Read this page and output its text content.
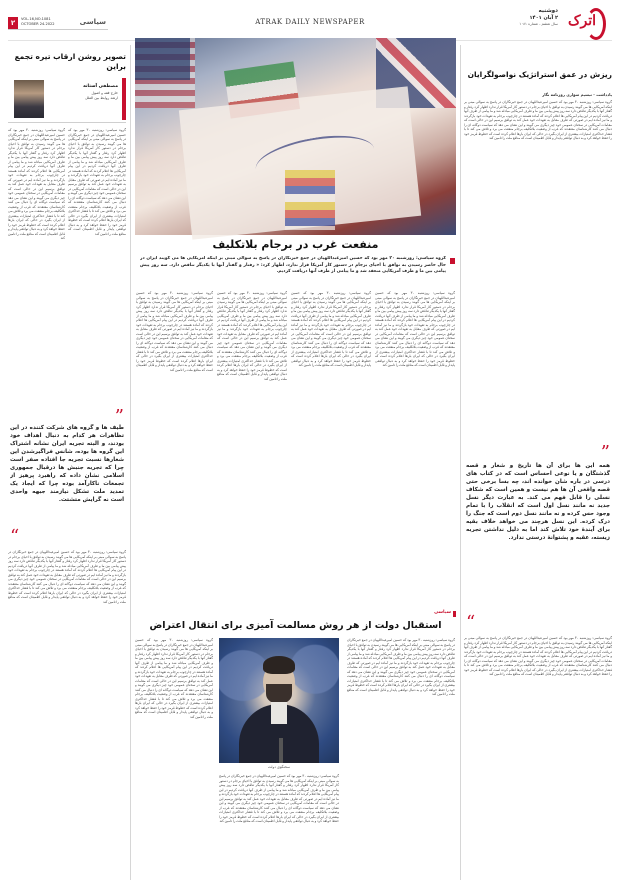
اترک
دوشنبه
۲ آبان ۱۴۰۱
سال ششم - شماره ۱۰۸۱
ATRAK DAILY NEWSPAPER
۲	VOL.16,NO.1081
OCTOBER 24.2022	سیاسی
تصویر روشن ارقاب تیره تجمع براین
مصطفی آستانه
خارج فقه و اصول
ارشد روابط بین الملل
گروه سیاسی: روزشنبه ۳۰ مهر بود که حسین امیرعبداللهیان در جمع خبرنگاران در پاسخ به سوالی مبنی بر اینکه آمریکایی ها می گویند رسیدن به توافق با احیای برجام در دستور کار آمریکا قرار ندارد اظهار کرد رفتار و گفتار آنها با یکدیگر تناقض دارد سه روز پیش پیامی بین ما و طرف آمریکایی مبادله شد و ما پیامی از طرف آنها دریافت کردیم در این پیام آمریکایی ها اعلام کردند که آماده هستند در چارچوب برجام به تعهدات خود بازگردند و ما نیز آماده ایم در صورتی که طرف مقابل به تعهدات خود عمل کند به توافق برسیم این در حالی است که مقامات آمریکایی در سخنان عمومی خود چیز دیگری می گویند و این نشان می دهد که سیاست دوگانه ای را دنبال می کنند کارشناسان معتقدند که غرب از وضعیت بلاتکلیف برجام منفعت می برد و تلاش می کند تا با فشار حداکثری امتیازات بیشتری از ایران بگیرد در حالی که ایران بارها اعلام کرده است که خطوط قرمز خود را حفظ خواهد کرد و به دنبال توافقی پایدار و قابل اطمینان است که منافع ملت را تامین کند
گروه سیاسی: روزشنبه ۳۰ مهر بود که حسین امیرعبداللهیان در جمع خبرنگاران در پاسخ به سوالی مبنی بر اینکه آمریکایی ها می گویند رسیدن به توافق با احیای برجام در دستور کار آمریکا قرار ندارد اظهار کرد رفتار و گفتار آنها با یکدیگر تناقض دارد سه روز پیش پیامی بین ما و طرف آمریکایی مبادله شد و ما پیامی از طرف آنها دریافت کردیم در این پیام آمریکایی ها اعلام کردند که آماده هستند در چارچوب برجام به تعهدات خود بازگردند و ما نیز آماده ایم در صورتی که طرف مقابل به تعهدات خود عمل کند به توافق برسیم این در حالی است که مقامات آمریکایی در سخنان عمومی خود چیز دیگری می گویند و این نشان می دهد که سیاست دوگانه ای را دنبال می کنند کارشناسان معتقدند که غرب از وضعیت بلاتکلیف برجام منفعت می برد و تلاش می کند تا با فشار حداکثری امتیازات بیشتری از ایران بگیرد در حالی که ایران بارها اعلام کرده است که خطوط قرمز خود را حفظ خواهد کرد و به دنبال توافقی پایدار و قابل اطمینان است که منافع ملت را تامین کند
”
طیف ها و گروه های شرکت کننده در این تظاهرات هر کدام به دنبال اهداف خود بودند، و البته تجربه ایران نشانه اشتراک این گروه ها بوده، شانس فراگیرشدن این شعارها نسبت تجربه جا افتاده صفر است چرا که تجربه جنبش ها درقبال جمهوری اسلامی نشان داده که راهبرد پرهیز از تجمعات ناکارآمد بوده چرا که ایجاد یک تمدید ملت تشکل نیازمند جبهه واحدی است نه گرایش متشتت.
“
گروه سیاسی: روزشنبه ۳۰ مهر بود که حسین امیرعبداللهیان در جمع خبرنگاران در پاسخ به سوالی مبنی بر اینکه آمریکایی ها می گویند رسیدن به توافق با احیای برجام در دستور کار آمریکا قرار ندارد اظهار کرد رفتار و گفتار آنها با یکدیگر تناقض دارد سه روز پیش پیامی بین ما و طرف آمریکایی مبادله شد و ما پیامی از طرف آنها دریافت کردیم در این پیام آمریکایی ها اعلام کردند که آماده هستند در چارچوب برجام به تعهدات خود بازگردند و ما نیز آماده ایم در صورتی که طرف مقابل به تعهدات خود عمل کند به توافق برسیم این در حالی است که مقامات آمریکایی در سخنان عمومی خود چیز دیگری می گویند و این نشان می دهد که سیاست دوگانه ای را دنبال می کنند کارشناسان معتقدند که غرب از وضعیت بلاتکلیف برجام منفعت می برد و تلاش می کند تا با فشار حداکثری امتیازات بیشتری از ایران بگیرد در حالی که ایران بارها اعلام کرده است که خطوط قرمز خود را حفظ خواهد کرد و به دنبال توافقی پایدار و قابل اطمینان است که منافع ملت را تامین کند
منفعت غرب در برجام بلاتکلیف
گروه سیاسی: روزشنبه ۳۰ مهر بود که حسین امیرعبداللهیان در جمع خبرنگاران در پاسخ به سوالی مبنی بر اینکه آمریکایی ها می گویند ایران در حال حاضر رسیدن به توافق با احیای برجام در دستور کار آمریکا قرار ندارد، اظهار کرد: « رفتار و گفتار آنها با یکدیگر تناقض دارد. سه روز پیش پیامی بین ما و طرف آمریکایی منعقد شد و ما پیامی از طرف آنها دریافت کردیم.
گروه سیاسی: روزشنبه ۳۰ مهر بود که حسین امیرعبداللهیان در جمع خبرنگاران در پاسخ به سوالی مبنی بر اینکه آمریکایی ها می گویند رسیدن به توافق با احیای برجام در دستور کار آمریکا قرار ندارد اظهار کرد رفتار و گفتار آنها با یکدیگر تناقض دارد سه روز پیش پیامی بین ما و طرف آمریکایی مبادله شد و ما پیامی از طرف آنها دریافت کردیم در این پیام آمریکایی ها اعلام کردند که آماده هستند در چارچوب برجام به تعهدات خود بازگردند و ما نیز آماده ایم در صورتی که طرف مقابل به تعهدات خود عمل کند به توافق برسیم این در حالی است که مقامات آمریکایی در سخنان عمومی خود چیز دیگری می گویند و این نشان می دهد که سیاست دوگانه ای را دنبال می کنند کارشناسان معتقدند که غرب از وضعیت بلاتکلیف برجام منفعت می برد و تلاش می کند تا با فشار حداکثری امتیازات بیشتری از ایران بگیرد در حالی که ایران بارها اعلام کرده است که خطوط قرمز خود را حفظ خواهد کرد و به دنبال توافقی پایدار و قابل اطمینان است که منافع ملت را تامین کند
گروه سیاسی: روزشنبه ۳۰ مهر بود که حسین امیرعبداللهیان در جمع خبرنگاران در پاسخ به سوالی مبنی بر اینکه آمریکایی ها می گویند رسیدن به توافق با احیای برجام در دستور کار آمریکا قرار ندارد اظهار کرد رفتار و گفتار آنها با یکدیگر تناقض دارد سه روز پیش پیامی بین ما و طرف آمریکایی مبادله شد و ما پیامی از طرف آنها دریافت کردیم در این پیام آمریکایی ها اعلام کردند که آماده هستند در چارچوب برجام به تعهدات خود بازگردند و ما نیز آماده ایم در صورتی که طرف مقابل به تعهدات خود عمل کند به توافق برسیم این در حالی است که مقامات آمریکایی در سخنان عمومی خود چیز دیگری می گویند و این نشان می دهد که سیاست دوگانه ای را دنبال می کنند کارشناسان معتقدند که غرب از وضعیت بلاتکلیف برجام منفعت می برد و تلاش می کند تا با فشار حداکثری امتیازات بیشتری از ایران بگیرد در حالی که ایران بارها اعلام کرده است که خطوط قرمز خود را حفظ خواهد کرد و به دنبال توافقی پایدار و قابل اطمینان است که منافع ملت را تامین کند
گروه سیاسی: روزشنبه ۳۰ مهر بود که حسین امیرعبداللهیان در جمع خبرنگاران در پاسخ به سوالی مبنی بر اینکه آمریکایی ها می گویند رسیدن به توافق با احیای برجام در دستور کار آمریکا قرار ندارد اظهار کرد رفتار و گفتار آنها با یکدیگر تناقض دارد سه روز پیش پیامی بین ما و طرف آمریکایی مبادله شد و ما پیامی از طرف آنها دریافت کردیم در این پیام آمریکایی ها اعلام کردند که آماده هستند در چارچوب برجام به تعهدات خود بازگردند و ما نیز آماده ایم در صورتی که طرف مقابل به تعهدات خود عمل کند به توافق برسیم این در حالی است که مقامات آمریکایی در سخنان عمومی خود چیز دیگری می گویند و این نشان می دهد که سیاست دوگانه ای را دنبال می کنند کارشناسان معتقدند که غرب از وضعیت بلاتکلیف برجام منفعت می برد و تلاش می کند تا با فشار حداکثری امتیازات بیشتری از ایران بگیرد در حالی که ایران بارها اعلام کرده است که خطوط قرمز خود را حفظ خواهد کرد و به دنبال توافقی پایدار و قابل اطمینان است که منافع ملت را تامین کند
گروه سیاسی: روزشنبه ۳۰ مهر بود که حسین امیرعبداللهیان در جمع خبرنگاران در پاسخ به سوالی مبنی بر اینکه آمریکایی ها می گویند رسیدن به توافق با احیای برجام در دستور کار آمریکا قرار ندارد اظهار کرد رفتار و گفتار آنها با یکدیگر تناقض دارد سه روز پیش پیامی بین ما و طرف آمریکایی مبادله شد و ما پیامی از طرف آنها دریافت کردیم در این پیام آمریکایی ها اعلام کردند که آماده هستند در چارچوب برجام به تعهدات خود بازگردند و ما نیز آماده ایم در صورتی که طرف مقابل به تعهدات خود عمل کند به توافق برسیم این در حالی است که مقامات آمریکایی در سخنان عمومی خود چیز دیگری می گویند و این نشان می دهد که سیاست دوگانه ای را دنبال می کنند کارشناسان معتقدند که غرب از وضعیت بلاتکلیف برجام منفعت می برد و تلاش می کند تا با فشار حداکثری امتیازات بیشتری از ایران بگیرد در حالی که ایران بارها اعلام کرده است که خطوط قرمز خود را حفظ خواهد کرد و به دنبال توافقی پایدار و قابل اطمینان است که منافع ملت را تامین کند
سیاسی
استقبال دولت از هر روش مسالمت آمیزی برای انتقال اعتراض
سخنگوی دولت
گروه سیاسی: روزشنبه ۳۰ مهر بود که حسین امیرعبداللهیان در جمع خبرنگاران در پاسخ به سوالی مبنی بر اینکه آمریکایی ها می گویند رسیدن به توافق با احیای برجام در دستور کار آمریکا قرار ندارد اظهار کرد رفتار و گفتار آنها با یکدیگر تناقض دارد سه روز پیش پیامی بین ما و طرف آمریکایی مبادله شد و ما پیامی از طرف آنها دریافت کردیم در این پیام آمریکایی ها اعلام کردند که آماده هستند در چارچوب برجام به تعهدات خود بازگردند و ما نیز آماده ایم در صورتی که طرف مقابل به تعهدات خود عمل کند به توافق برسیم این در حالی است که مقامات آمریکایی در سخنان عمومی خود چیز دیگری می گویند و این نشان می دهد که سیاست دوگانه ای را دنبال می کنند کارشناسان معتقدند که غرب از وضعیت بلاتکلیف برجام منفعت می برد و تلاش می کند تا با فشار حداکثری امتیازات بیشتری از ایران بگیرد در حالی که ایران بارها اعلام کرده است که خطوط قرمز خود را حفظ خواهد کرد و به دنبال توافقی پایدار و قابل اطمینان است که منافع ملت را تامین کند
گروه سیاسی: روزشنبه ۳۰ مهر بود که حسین امیرعبداللهیان در جمع خبرنگاران در پاسخ به سوالی مبنی بر اینکه آمریکایی ها می گویند رسیدن به توافق با احیای برجام در دستور کار آمریکا قرار ندارد اظهار کرد رفتار و گفتار آنها با یکدیگر تناقض دارد سه روز پیش پیامی بین ما و طرف آمریکایی مبادله شد و ما پیامی از طرف آنها دریافت کردیم در این پیام آمریکایی ها اعلام کردند که آماده هستند در چارچوب برجام به تعهدات خود بازگردند و ما نیز آماده ایم در صورتی که طرف مقابل به تعهدات خود عمل کند به توافق برسیم این در حالی است که مقامات آمریکایی در سخنان عمومی خود چیز دیگری می گویند و این نشان می دهد که سیاست دوگانه ای را دنبال می کنند کارشناسان معتقدند که غرب از وضعیت بلاتکلیف برجام منفعت می برد و تلاش می کند تا با فشار حداکثری امتیازات بیشتری از ایران بگیرد در حالی که ایران بارها اعلام کرده است که خطوط قرمز خود را حفظ خواهد کرد و به دنبال توافقی پایدار و قابل اطمینان است که منافع ملت را تامین کند
گروه سیاسی: روزشنبه ۳۰ مهر بود که حسین امیرعبداللهیان در جمع خبرنگاران در پاسخ به سوالی مبنی بر اینکه آمریکایی ها می گویند رسیدن به توافق با احیای برجام در دستور کار آمریکا قرار ندارد اظهار کرد رفتار و گفتار آنها با یکدیگر تناقض دارد سه روز پیش پیامی بین ما و طرف آمریکایی مبادله شد و ما پیامی از طرف آنها دریافت کردیم در این پیام آمریکایی ها اعلام کردند که آماده هستند در چارچوب برجام به تعهدات خود بازگردند و ما نیز آماده ایم در صورتی که طرف مقابل به تعهدات خود عمل کند به توافق برسیم این در حالی است که مقامات آمریکایی در سخنان عمومی خود چیز دیگری می گویند و این نشان می دهد که سیاست دوگانه ای را دنبال می کنند کارشناسان معتقدند که غرب از وضعیت بلاتکلیف برجام منفعت می برد و تلاش می کند تا با فشار حداکثری امتیازات بیشتری از ایران بگیرد در حالی که ایران بارها اعلام کرده است که خطوط قرمز خود را حفظ خواهد کرد و به دنبال توافقی پایدار و قابل اطمینان است که منافع ملت را تامین کند
ریزش در عمق استراتژیک نواصولگرایان
یادداشت - تبسیم سواری روزنامه نگار
گروه سیاسی: روزشنبه ۳۰ مهر بود که حسین امیرعبداللهیان در جمع خبرنگاران در پاسخ به سوالی مبنی بر اینکه آمریکایی ها می گویند رسیدن به توافق با احیای برجام در دستور کار آمریکا قرار ندارد اظهار کرد رفتار و گفتار آنها با یکدیگر تناقض دارد سه روز پیش پیامی بین ما و طرف آمریکایی مبادله شد و ما پیامی از طرف آنها دریافت کردیم در این پیام آمریکایی ها اعلام کردند که آماده هستند در چارچوب برجام به تعهدات خود بازگردند و ما نیز آماده ایم در صورتی که طرف مقابل به تعهدات خود عمل کند به توافق برسیم این در حالی است که مقامات آمریکایی در سخنان عمومی خود چیز دیگری می گویند و این نشان می دهد که سیاست دوگانه ای را دنبال می کنند کارشناسان معتقدند که غرب از وضعیت بلاتکلیف برجام منفعت می برد و تلاش می کند تا با فشار حداکثری امتیازات بیشتری از ایران بگیرد در حالی که ایران بارها اعلام کرده است که خطوط قرمز خود را حفظ خواهد کرد و به دنبال توافقی پایدار و قابل اطمینان است که منافع ملت را تامین کند
”
همه این ها برای آن ها تاریخ و شعار و قصه گذشتگان و یا نوعی احساس است که در کتاب های درسی در باره شان خوانده اند، چه بسا برخی حتی قصه واقعی آن ها هم نیست و همین است که شکاف نسلی را قابل فهم می کند. به عبارت دیگر نسل جدید نه مانند نسل اول است که انقلاب را با تمام وجود حس کرده و نه مانند نسل دوم است که جنگ را درک کرده. این نسل هرچند می خواهد خلاف بقیه برای آیندۀ خود تلاش کند اما به دلیل نداشتن تجربه زیسته، عقبه و پشتوانۀ درستی ندارد.
“
گروه سیاسی: روزشنبه ۳۰ مهر بود که حسین امیرعبداللهیان در جمع خبرنگاران در پاسخ به سوالی مبنی بر اینکه آمریکایی ها می گویند رسیدن به توافق با احیای برجام در دستور کار آمریکا قرار ندارد اظهار کرد رفتار و گفتار آنها با یکدیگر تناقض دارد سه روز پیش پیامی بین ما و طرف آمریکایی مبادله شد و ما پیامی از طرف آنها دریافت کردیم در این پیام آمریکایی ها اعلام کردند که آماده هستند در چارچوب برجام به تعهدات خود بازگردند و ما نیز آماده ایم در صورتی که طرف مقابل به تعهدات خود عمل کند به توافق برسیم این در حالی است که مقامات آمریکایی در سخنان عمومی خود چیز دیگری می گویند و این نشان می دهد که سیاست دوگانه ای را دنبال می کنند کارشناسان معتقدند که غرب از وضعیت بلاتکلیف برجام منفعت می برد و تلاش می کند تا با فشار حداکثری امتیازات بیشتری از ایران بگیرد در حالی که ایران بارها اعلام کرده است که خطوط قرمز خود را حفظ خواهد کرد و به دنبال توافقی پایدار و قابل اطمینان است که منافع ملت را تامین کند
